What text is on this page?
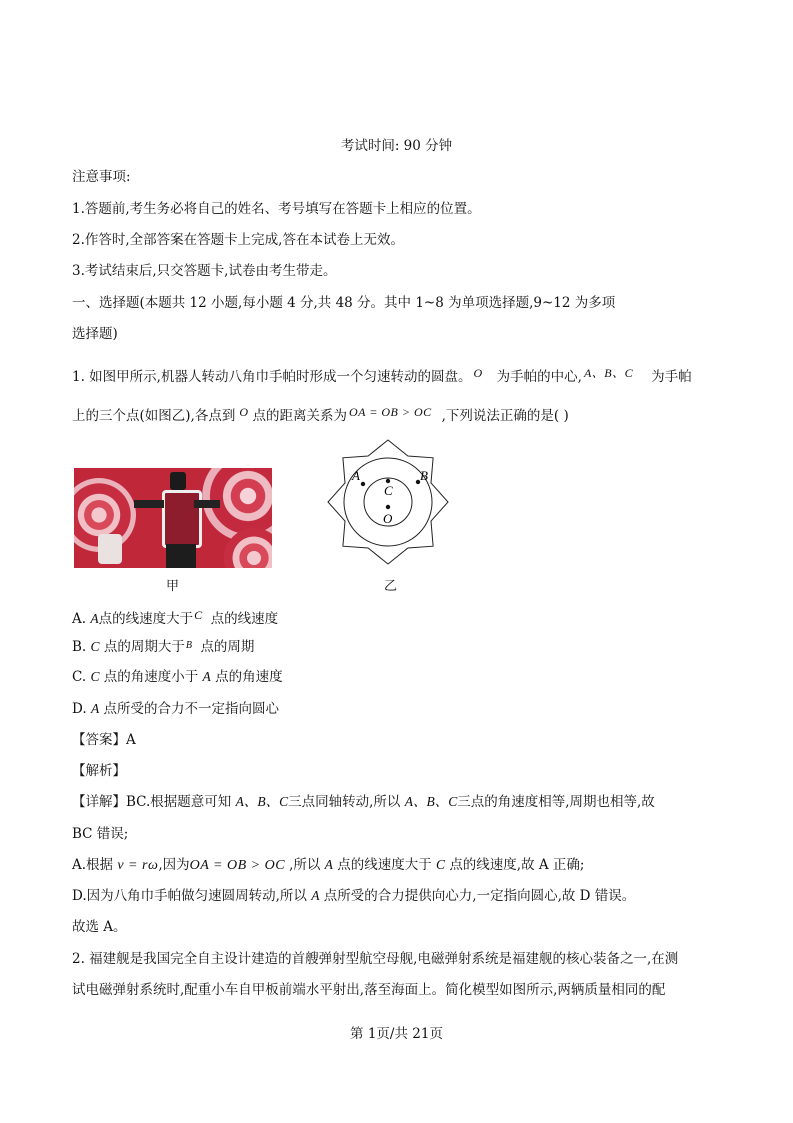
考试时间: 90 分钟
注意事项:
1.答题前,考生务必将自己的姓名、考号填写在答题卡上相应的位置。
2.作答时,全部答案在答题卡上完成,答在本试卷上无效。
3.考试结束后,只交答题卡,试卷由考生带走。
一、选择题(本题共 12 小题,每小题 4 分,共 48 分。其中 1~8 为单项选择题,9~12 为多项
选择题)
1. 如图甲所示,机器人转动八角巾手帕时形成一个匀速转动的圆盘。 O 为手帕的中心, A、B、C 为手帕
上的三个点(如图乙),各点到 O 点的距离关系为 OA = OB > OC ,下列说法正确的是( )
甲
A	B
C
O
乙
A. A点的线速度大于C 点的线速度
B. C 点的周期大于$^B$ 点的周期
C. C 点的角速度小于 A 点的角速度
D. A 点所受的合力不一定指向圆心
【答案】A
【解析】
【详解】BC.根据题意可知 A、B、C三点同轴转动,所以 A、B、C三点的角速度相等,周期也相等,故
BC 错误;
A.根据 v = rω,因为OA = OB > OC ,所以 A 点的线速度大于 C 点的线速度,故 A 正确;
D.因为八角巾手帕做匀速圆周转动,所以 A 点所受的合力提供向心力,一定指向圆心,故 D 错误。
故选 A。
2. 福建舰是我国完全自主设计建造的首艘弹射型航空母舰,电磁弹射系统是福建舰的核心装备之一,在测
试电磁弹射系统时,配重小车自甲板前端水平射出,落至海面上。简化模型如图所示,两辆质量相同的配
第 1页/共 21页
